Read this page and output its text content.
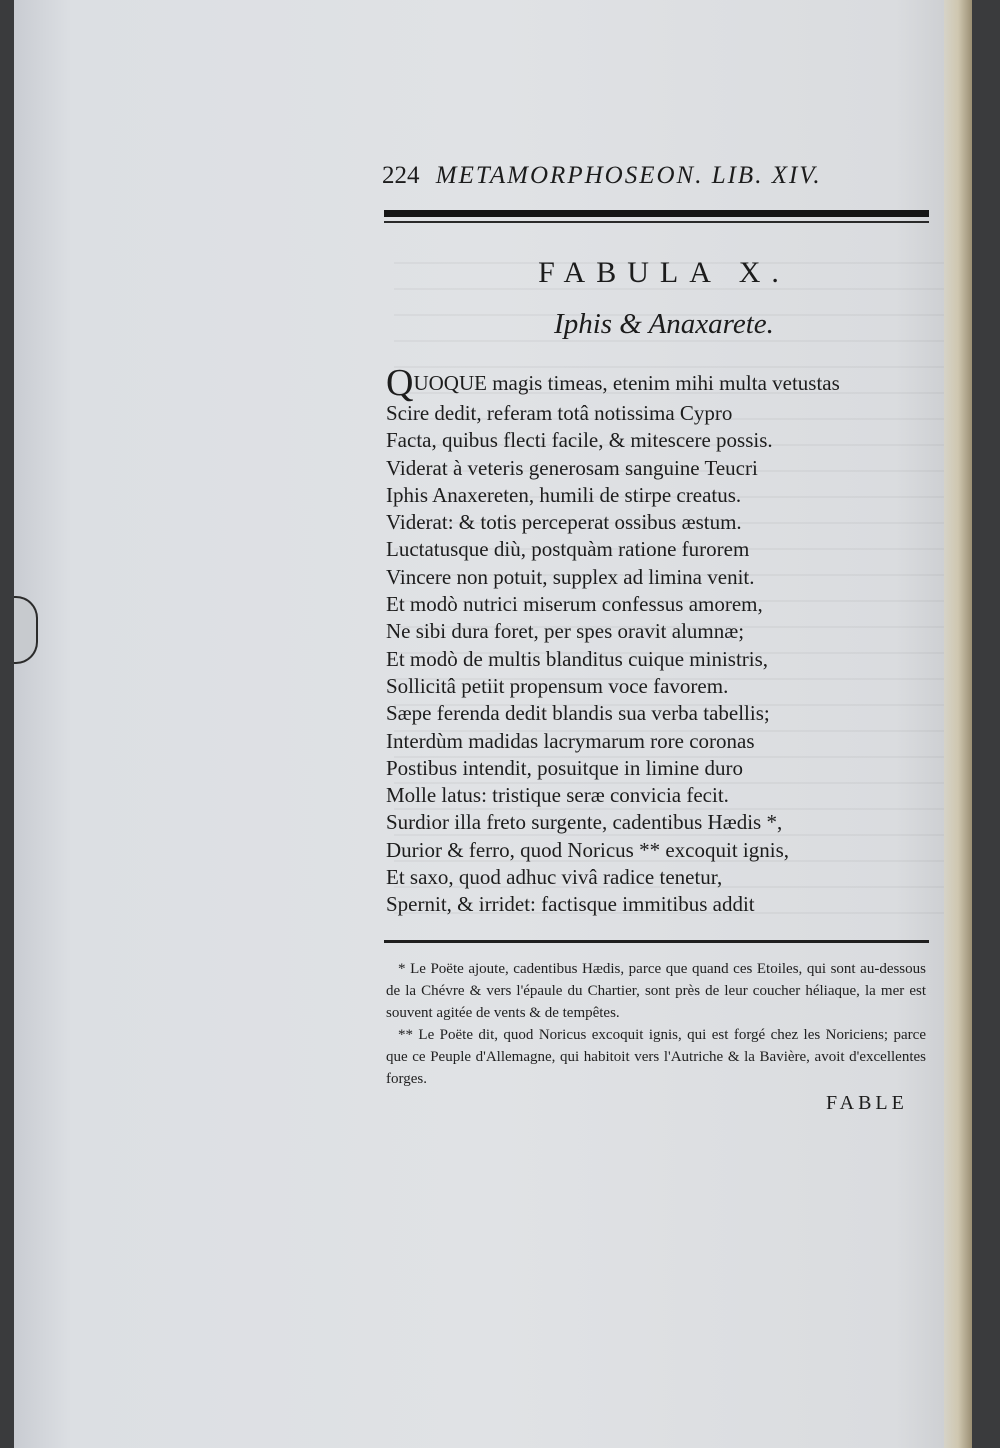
224 METAMORPHOSEON. LIB. XIV.
FABULA X.
Iphis & Anaxarete.
QUOQUE magis timeas, etenim mihi multa vetustas
Scire dedit, referam totâ notissima Cypro
Facta, quibus flecti facile, & mitescere possis.
Viderat à veteris generosam sanguine Teucri
Iphis Anaxereten, humili de stirpe creatus.
Viderat: & totis perceperat ossibus æstum.
Luctatusque diù, postquàm ratione furorem
Vincere non potuit, supplex ad limina venit.
Et modò nutrici miserum confessus amorem,
Ne sibi dura foret, per spes oravit alumnæ;
Et modò de multis blanditus cuique ministris,
Sollicitâ petiit propensum voce favorem.
Sæpe ferenda dedit blandis sua verba tabellis;
Interdùm madidas lacrymarum rore coronas
Postibus intendit, posuitque in limine duro
Molle latus: tristique seræ convicia fecit.
Surdior illa freto surgente, cadentibus Hædis *,
Durior & ferro, quod Noricus ** excoquit ignis,
Et saxo, quod adhuc vivâ radice tenetur,
Spernit, & irridet: factisque immitibus addit

* Le Poëte ajoute, cadentibus Hædis, parce que quand ces Etoiles, qui sont au-dessous de la Chévre & vers l'épaule du Chartier, sont près de leur coucher héliaque, la mer est souvent agitée de vents & de tempêtes.

** Le Poëte dit, quod Noricus excoquit ignis, qui est forgé chez les Noriciens; parce que ce Peuple d'Allemagne, qui habitoit vers l'Autriche & la Bavière, avoit d'excellentes forges.

FABLE
